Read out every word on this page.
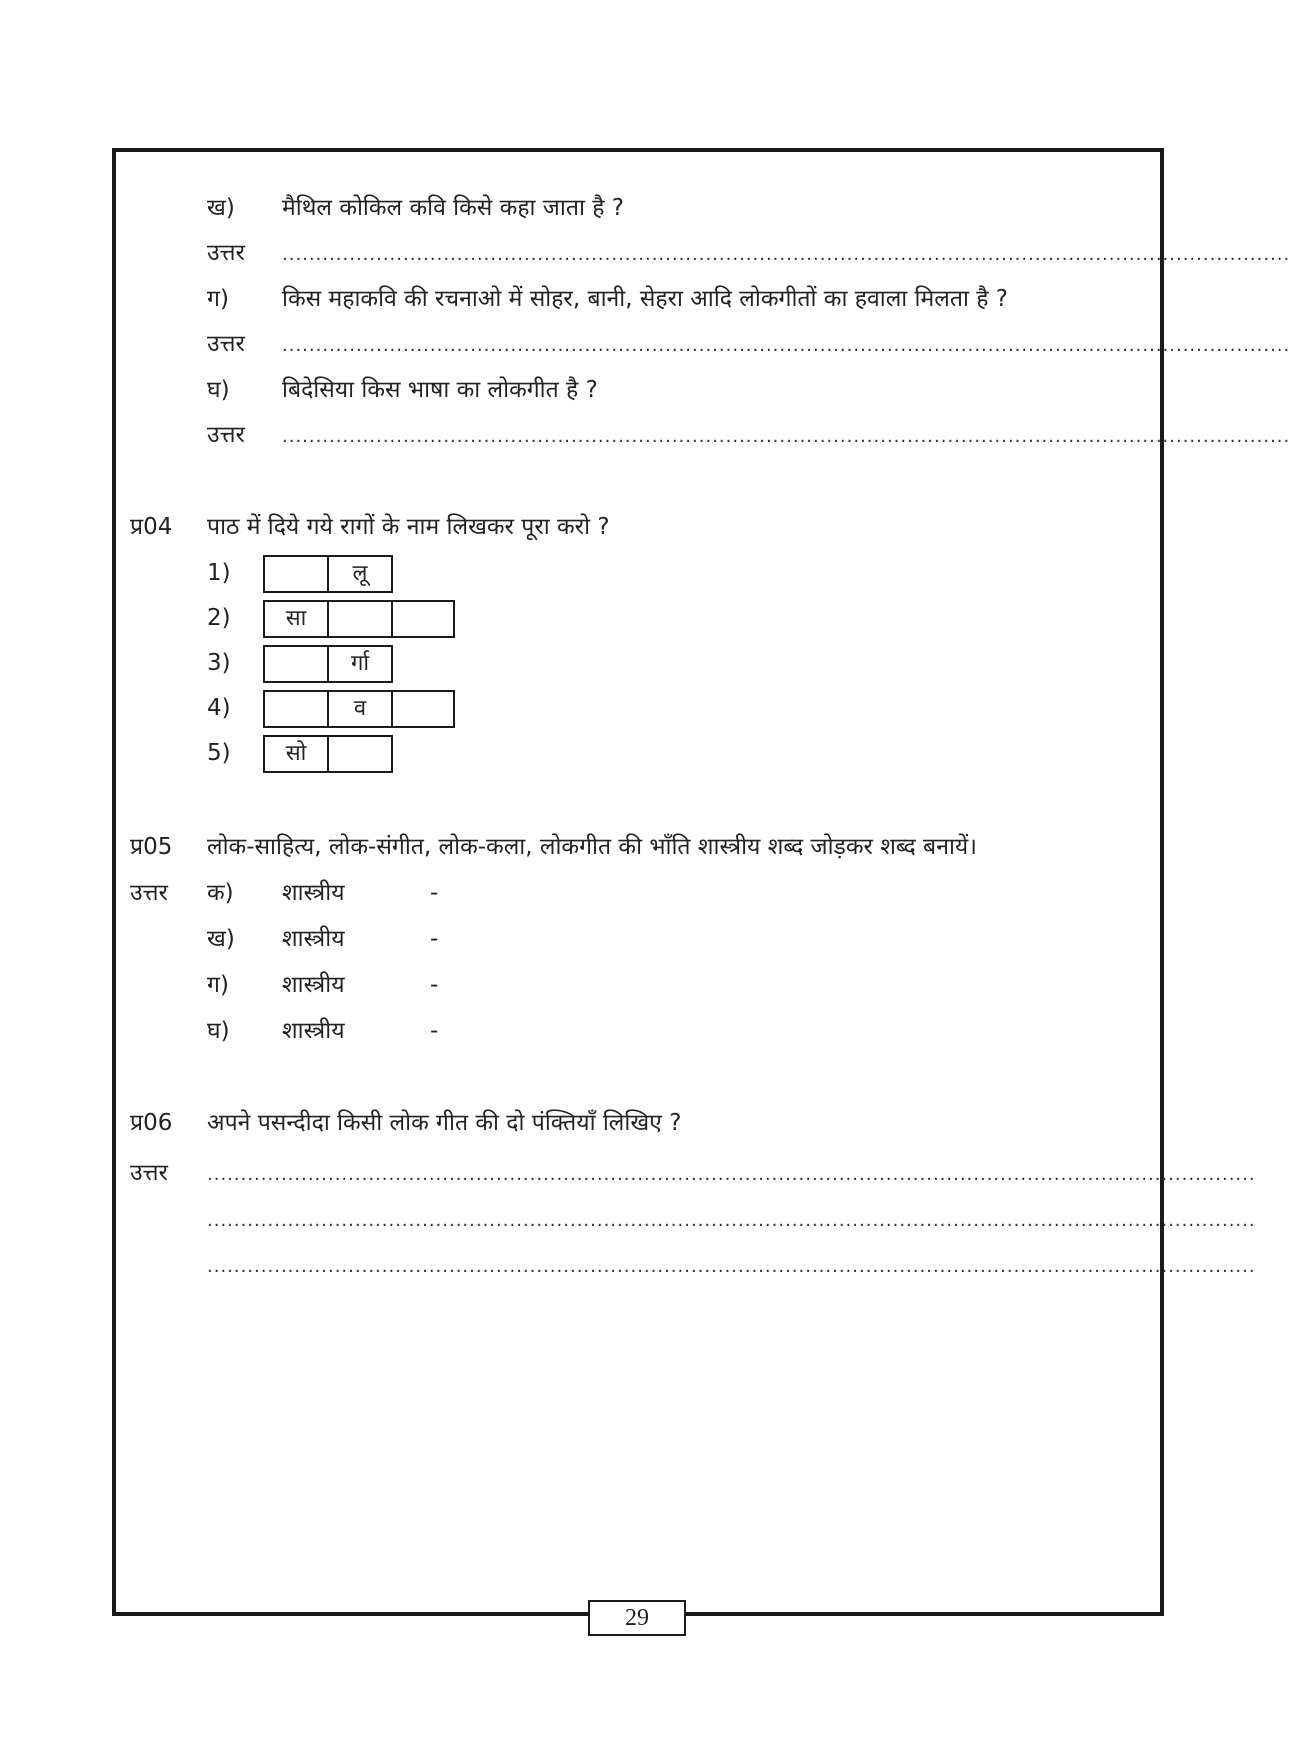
ख) मैथिल कोकिल कवि किसे कहा जाता है ?
उत्तर ......................................................................................................................................................
ग) किस महाकवि की रचनाओ में सोहर, बानी, सेहरा आदि लोकगीतों का हवाला मिलता है ?
उत्तर ......................................................................................................................................................
घ) बिदेसिया किस भाषा का लोकगीत है ?
उत्तर ......................................................................................................................................................
प्र04 पाठ में दिये गये रागों के नाम लिखकर पूरा करो ?
1)	लू
2)	सा
3)	र्गा
4)	व
5)	सो
प्र05 लोक-साहित्य, लोक-संगीत, लोक-कला, लोकगीत की भाँति शास्त्रीय शब्द जोड़कर शब्द बनायें।
उत्तर क) शास्त्रीय	-
ख) शास्त्रीय	-
ग) शास्त्रीय	-
घ) शास्त्रीय	-
प्र06 अपने पसन्दीदा किसी लोक गीत की दो पंक्तियाँ लिखिए ?
उत्तर ............................................................................................................................................................
............................................................................................................................................................
............................................................................................................................................................
29
